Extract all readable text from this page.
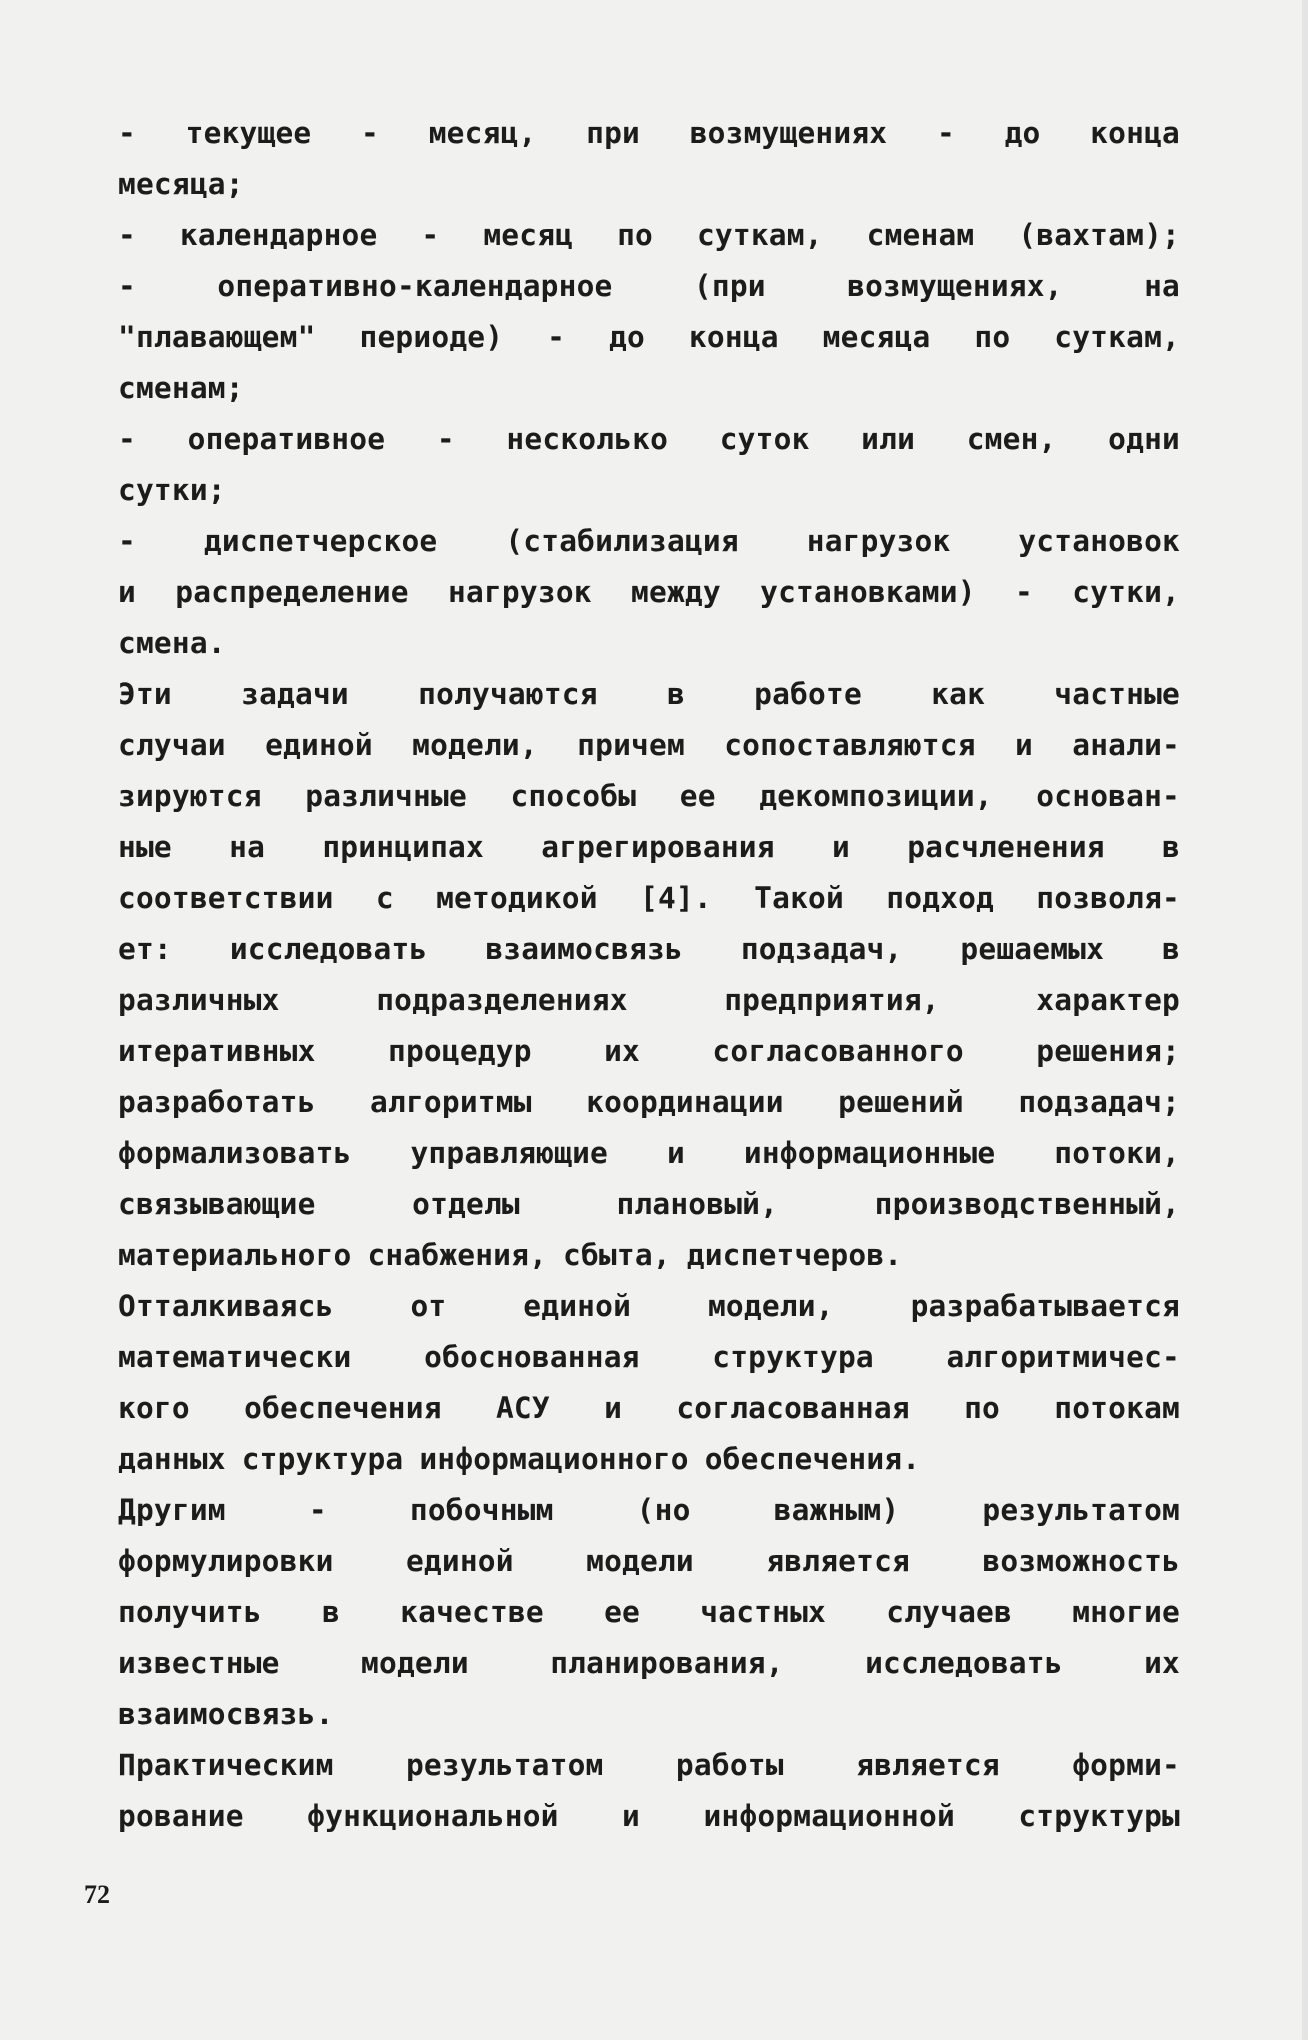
- текущее - месяц, при возмущениях - до конца
месяца;
- календарное - месяц по суткам, сменам (вахтам);
- оперативно-календарное (при возмущениях, на
"плавающем" периоде) - до конца месяца по суткам,
сменам;
- оперативное - несколько суток или смен, одни
сутки;
- диспетчерское (стабилизация нагрузок установок
и распределение нагрузок между установками) - сутки,
смена.
Эти задачи получаются в работе как частные
случаи единой модели, причем сопоставляются и анали-
зируются различные способы ее декомпозиции, основан-
ные на принципах агрегирования и расчленения в
соответствии с методикой [4]. Такой подход позволя-
ет: исследовать взаимосвязь подзадач, решаемых в
различных подразделениях предприятия, характер
итеративных процедур их согласованного решения;
разработать алгоритмы координации решений подзадач;
формализовать управляющие и информационные потоки,
связывающие отделы плановый, производственный,
материального снабжения, сбыта, диспетчеров.
Отталкиваясь от единой модели, разрабатывается
математически обоснованная структура алгоритмичес-
кого обеспечения АСУ и согласованная по потокам
данных структура информационного обеспечения.
Другим - побочным (но важным) результатом
формулировки единой модели является возможность
получить в качестве ее частных случаев многие
известные модели планирования, исследовать их
взаимосвязь.
Практическим результатом работы является форми-
рование функциональной и информационной структуры
72
